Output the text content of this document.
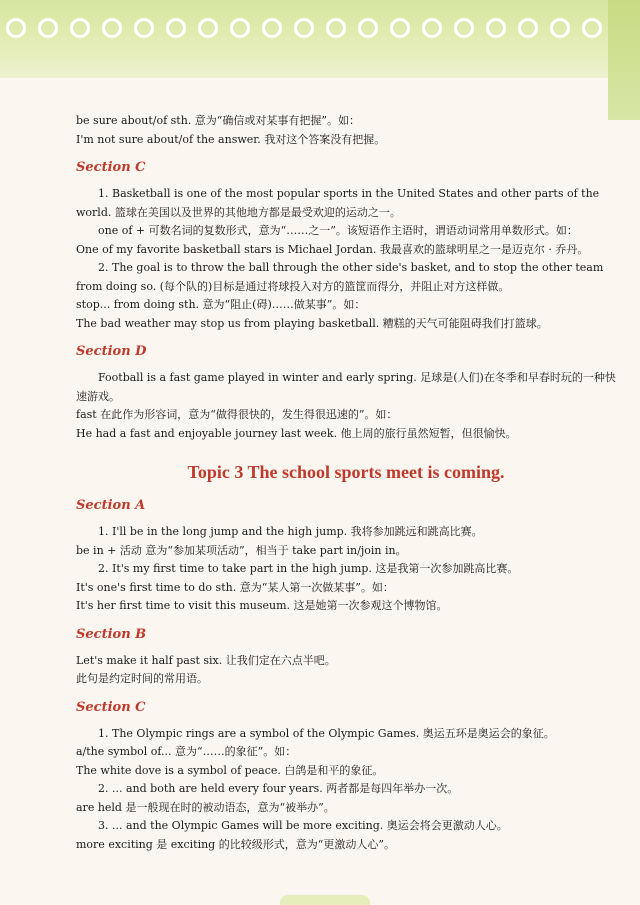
be sure about/of sth. 意为“确信或对某事有把握”。如：

I'm not sure about/of the answer. 我对这个答案没有把握。

Section C

1. Basketball is one of the most popular sports in the United States and other parts of the world. 篮球在美国以及世界的其他地方都是最受欢迎的运动之一。

one of + 可数名词的复数形式，意为“……之一”。该短语作主语时，谓语动词常用单数形式。如：

One of my favorite basketball stars is Michael Jordan. 我最喜欢的篮球明星之一是迈克尔 · 乔丹。

2. The goal is to throw the ball through the other side's basket, and to stop the other team from doing so. (每个队的)目标是通过将球投入对方的篮筐而得分，并阻止对方这样做。

stop... from doing sth. 意为“阻止(碍)……做某事”。如：

The bad weather may stop us from playing basketball. 糟糕的天气可能阻碍我们打篮球。

Section D

Football is a fast game played in winter and early spring. 足球是(人们)在冬季和早春时玩的一种快速游戏。

fast 在此作为形容词，意为“做得很快的，发生得很迅速的”。如：

He had a fast and enjoyable journey last week. 他上周的旅行虽然短暂，但很愉快。

Topic 3 The school sports meet is coming.
Section A

1. I'll be in the long jump and the high jump. 我将参加跳远和跳高比赛。

be in + 活动 意为“参加某项活动”，相当于 take part in/join in。

2. It's my first time to take part in the high jump. 这是我第一次参加跳高比赛。

It's one's first time to do sth. 意为“某人第一次做某事”。如：

It's her first time to visit this museum. 这是她第一次参观这个博物馆。

Section B

Let's make it half past six. 让我们定在六点半吧。

此句是约定时间的常用语。

Section C

1. The Olympic rings are a symbol of the Olympic Games. 奥运五环是奥运会的象征。

a/the symbol of... 意为“……的象征”。如：

The white dove is a symbol of peace. 白鸽是和平的象征。

2. ... and both are held every four years. 两者都是每四年举办一次。

are held 是一般现在时的被动语态，意为“被举办”。

3. ... and the Olympic Games will be more exciting. 奥运会将会更激动人心。

more exciting 是 exciting 的比较级形式，意为“更激动人心”。
